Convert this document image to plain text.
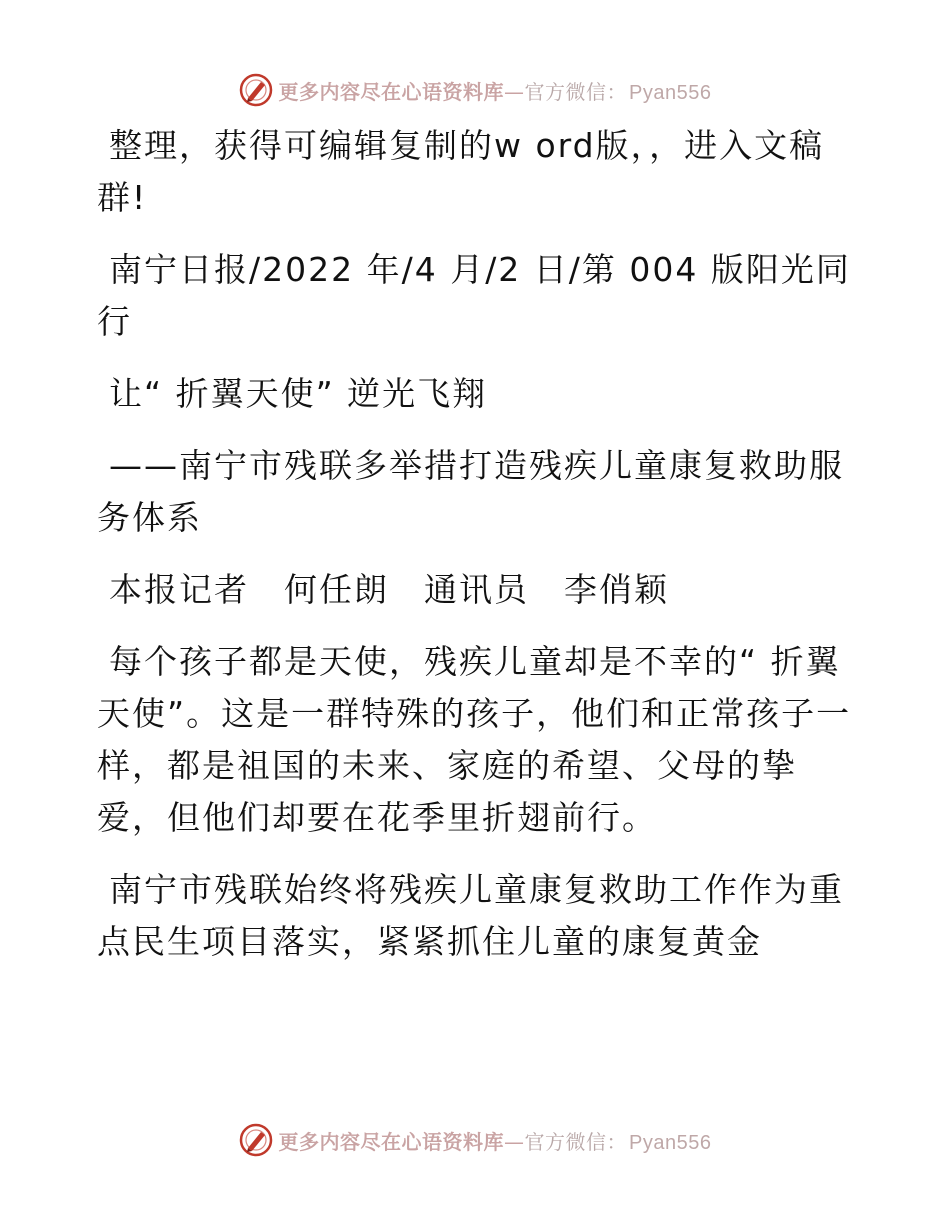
更多内容尽在心语资料库 — 官方微信： Pyan556

整理，获得可编辑复制的w ord版，，进入文稿群!

南宁日报/2022 年/4 月/2 日/第 004 版阳光同行

让“ 折翼天使” 逆光飞翔

——南宁市残联多举措打造残疾儿童康复救助服务体系

本报记者　何任朗　通讯员　李俏颖

每个孩子都是天使，残疾儿童却是不幸的“ 折翼天使”。这是一群特殊的孩子，他们和正常孩子一样，都是祖国的未来、家庭的希望、父母的挚爱，但他们却要在花季里折翅前行。

南宁市残联始终将残疾儿童康复救助工作作为重点民生项目落实，紧紧抓住儿童的康复黄金

更多内容尽在心语资料库 — 官方微信： Pyan556
